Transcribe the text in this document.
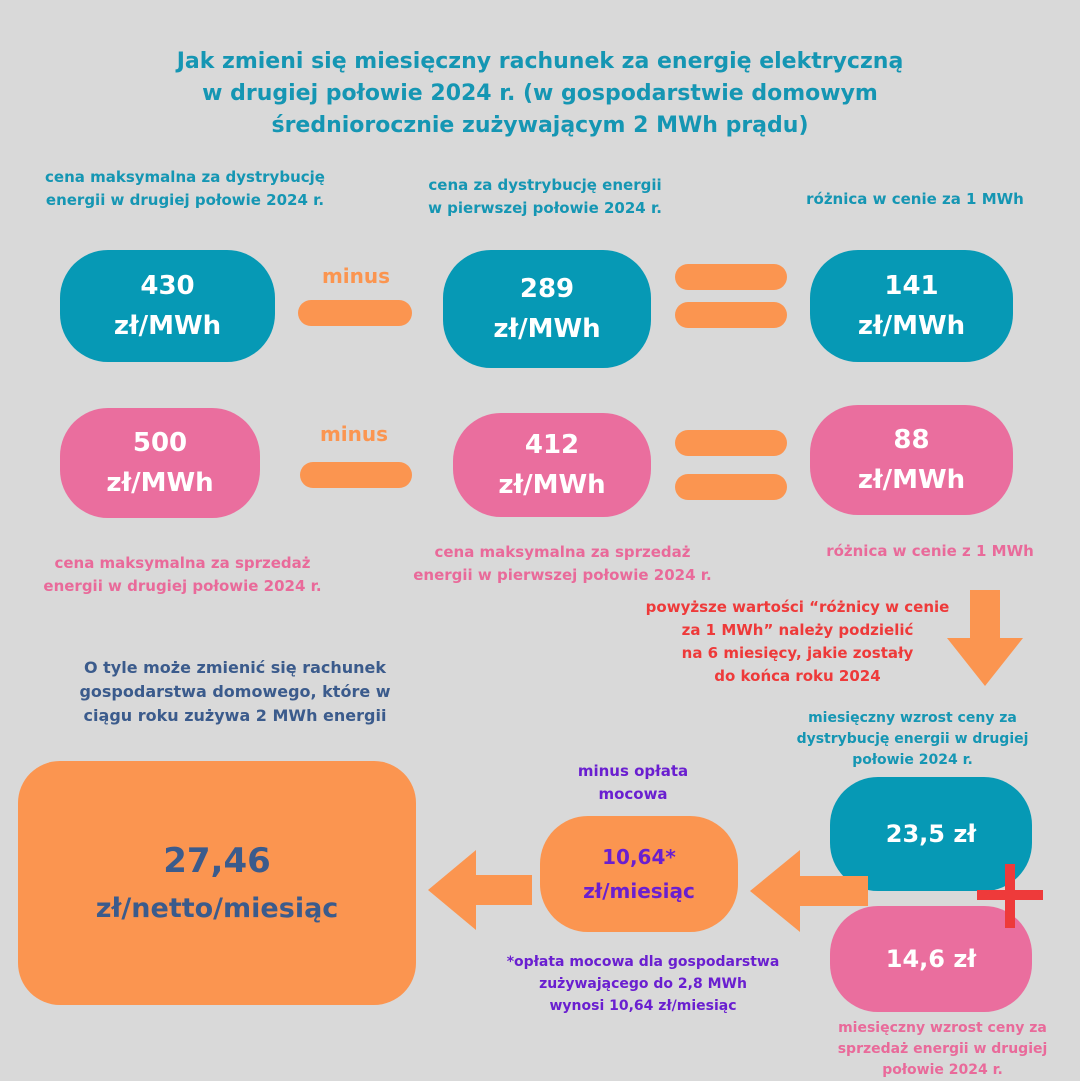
Jak zmieni się miesięczny rachunek za energię elektryczną
w drugiej połowie 2024 r. (w gospodarstwie domowym
średniorocznie zużywającym 2 MWh prądu)
cena maksymalna za dystrybucję
energii w drugiej połowie 2024 r.
cena za dystrybucję energii
w pierwszej połowie 2024 r.	różnica w cenie za 1 MWh
430
zł/MWh
minus	289
zł/MWh
141
zł/MWh
500
zł/MWh
minus	412
zł/MWh
88
zł/MWh
cena maksymalna za sprzedaż
energii w drugiej połowie 2024 r.
cena maksymalna za sprzedaż
energii w pierwszej połowie 2024 r.
różnica w cenie z 1 MWh
powyższe wartości “różnicy w cenie
za 1 MWh” należy podzielić
na 6 miesięcy, jakie zostały
do końca roku 2024
miesięczny wzrost ceny za
dystrybucję energii w drugiej
połowie 2024 r.
23,5 zł
14,6 zł
miesięczny wzrost ceny za
sprzedaż energii w drugiej
połowie 2024 r.
minus opłata
mocowa
10,64*
zł/miesiąc
*opłata mocowa dla gospodarstwa
zużywającego do 2,8 MWh
wynosi 10,64 zł/miesiąc
O tyle może zmienić się rachunek
gospodarstwa domowego, które w
ciągu roku zużywa 2 MWh energii
27,46
zł/netto/miesiąc
